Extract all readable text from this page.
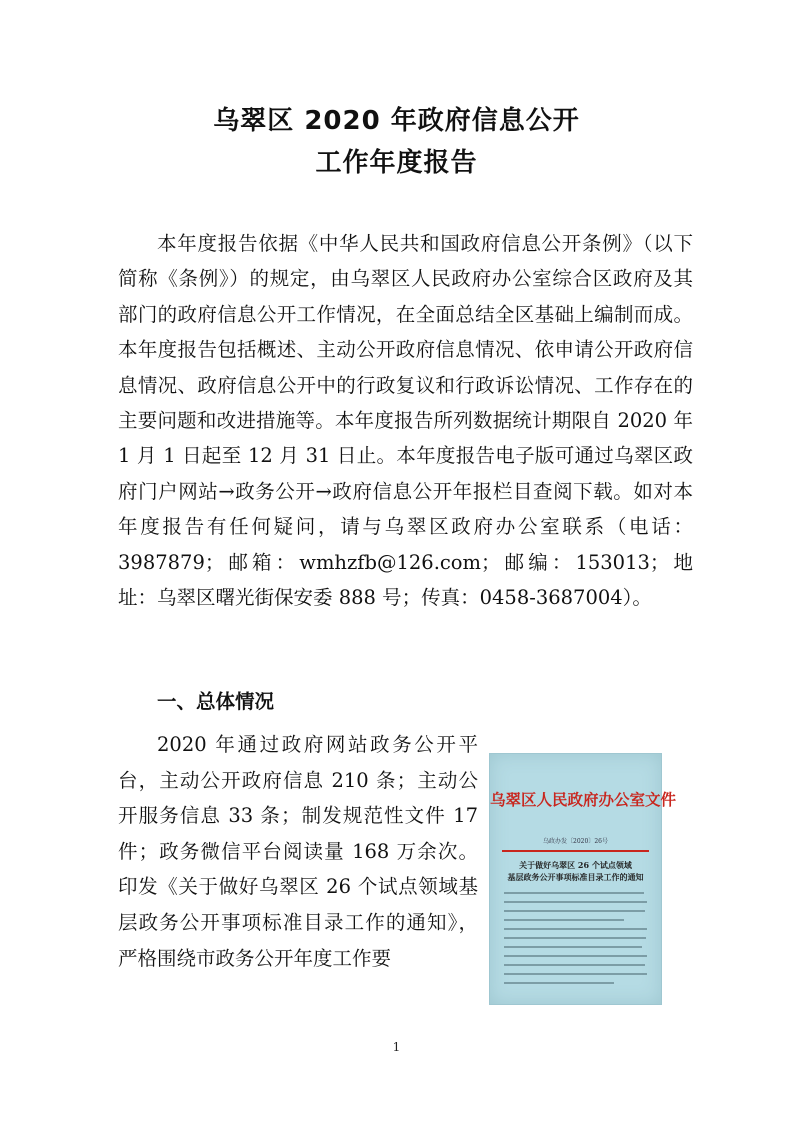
乌翠区 2020 年政府信息公开
工作年度报告

本年度报告依据《中华人民共和国政府信息公开条例》（以下简称《条例》）的规定，由乌翠区人民政府办公室综合区政府及其部门的政府信息公开工作情况，在全面总结全区基础上编制而成。本年度报告包括概述、主动公开政府信息情况、依申请公开政府信息情况、政府信息公开中的行政复议和行政诉讼情况、工作存在的主要问题和改进措施等。本年度报告所列数据统计期限自 2020 年 1 月 1 日起至 12 月 31 日止。本年度报告电子版可通过乌翠区政府门户网站→政务公开→政府信息公开年报栏目查阅下载。如对本年度报告有任何疑问，请与乌翠区政府办公室联系（电话：3987879；邮箱：wmhzfb@126.com；邮编：153013；地址：乌翠区曙光街保安委 888 号；传真：0458-3687004）。

一、总体情况

2020 年通过政府网站政务公开平台，主动公开政府信息 210 条；主动公开服务信息 33 条；制发规范性文件 17 件；政务微信平台阅读量 168 万余次。印发《关于做好乌翠区 26 个试点领域基层政务公开事项标准目录工作的通知》，严格围绕市政务公开年度工作要

乌翠区人民政府办公室文件
乌政办发〔2020〕26号
关于做好乌翠区 26 个试点领域
基层政务公开事项标准目录工作的通知
1
